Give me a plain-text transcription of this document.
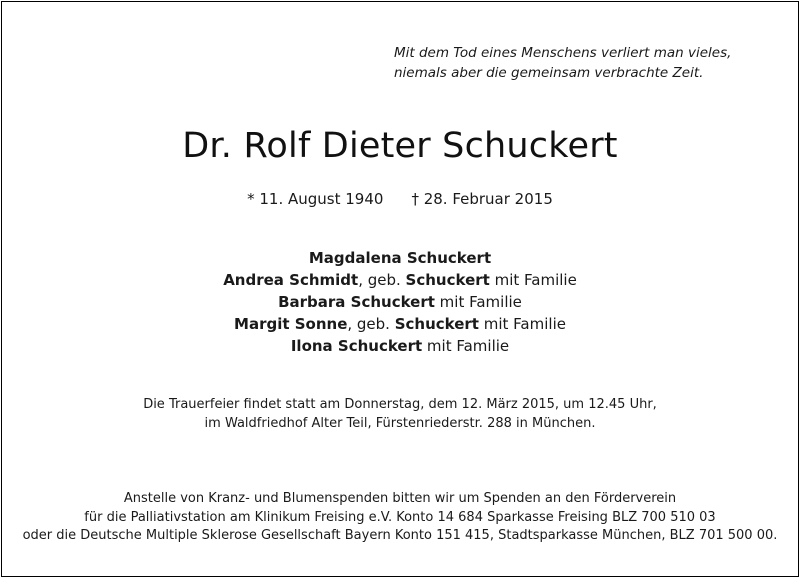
Mit dem Tod eines Menschens verliert man vieles,
niemals aber die gemeinsam verbrachte Zeit.
Dr. Rolf Dieter Schuckert
* 11. August 1940 † 28. Februar 2015
Magdalena Schuckert
Andrea Schmidt, geb. Schuckert mit Familie
Barbara Schuckert mit Familie
Margit Sonne, geb. Schuckert mit Familie
Ilona Schuckert mit Familie
Die Trauerfeier findet statt am Donnerstag, dem 12. März 2015, um 12.45 Uhr,
im Waldfriedhof Alter Teil, Fürstenriederstr. 288 in München.
Anstelle von Kranz- und Blumenspenden bitten wir um Spenden an den Förderverein
für die Palliativstation am Klinikum Freising e.V. Konto 14 684 Sparkasse Freising BLZ 700 510 03
oder die Deutsche Multiple Sklerose Gesellschaft Bayern Konto 151 415, Stadtsparkasse München, BLZ 701 500 00.
